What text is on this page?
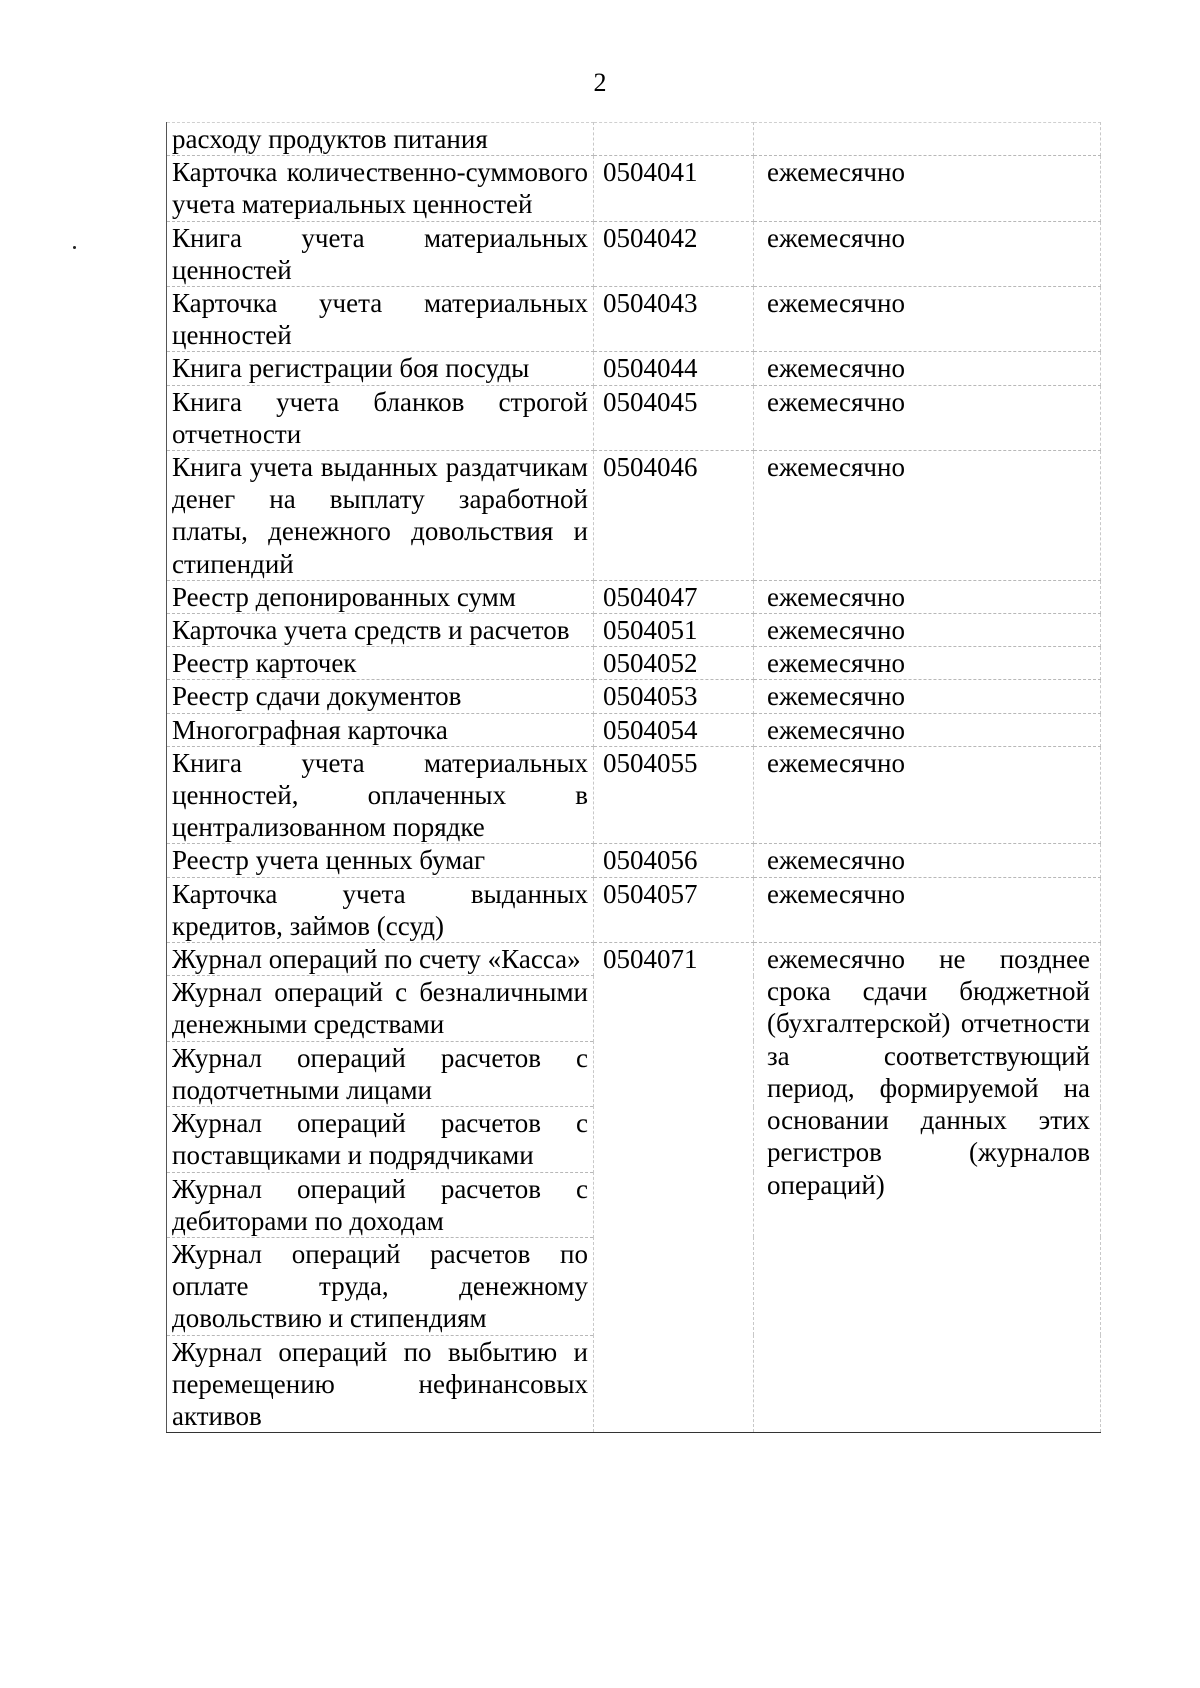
2
расходу продуктов питания		
Карточка количественно-суммового учета материальных ценностей	0504041	ежемесячно
Книга учета материальных ценностей	0504042	ежемесячно
Карточка учета материальных ценностей	0504043	ежемесячно
Книга регистрации боя посуды	0504044	ежемесячно
Книга учета бланков строгой отчетности	0504045	ежемесячно
Книга учета выданных раздатчикам денег на выплату заработной платы, денежного довольствия и стипендий	0504046	ежемесячно
Реестр депонированных сумм	0504047	ежемесячно
Карточка учета средств и расчетов	0504051	ежемесячно
Реестр карточек	0504052	ежемесячно
Реестр сдачи документов	0504053	ежемесячно
Многографная карточка	0504054	ежемесячно
Книга учета материальных ценностей, оплаченных в централизованном порядке	0504055	ежемесячно
Реестр учета ценных бумаг	0504056	ежемесячно
Карточка учета выданных кредитов, займов (ссуд)	0504057	ежемесячно
Журнал операций по счету «Касса»	0504071	ежемесячно не позднее срока сдачи бюджетной (бухгалтерской) отчетности за соответствующий период, формируемой на основании данных этих регистров (журналов операций)
Журнал операций с безналичными денежными средствами		
Журнал операций расчетов с подотчетными лицами		
Журнал операций расчетов с поставщиками и подрядчиками		
Журнал операций расчетов с дебиторами по доходам		
Журнал операций расчетов по оплате труда, денежному довольствию и стипендиям		
Журнал операций по выбытию и перемещению нефинансовых активов		
